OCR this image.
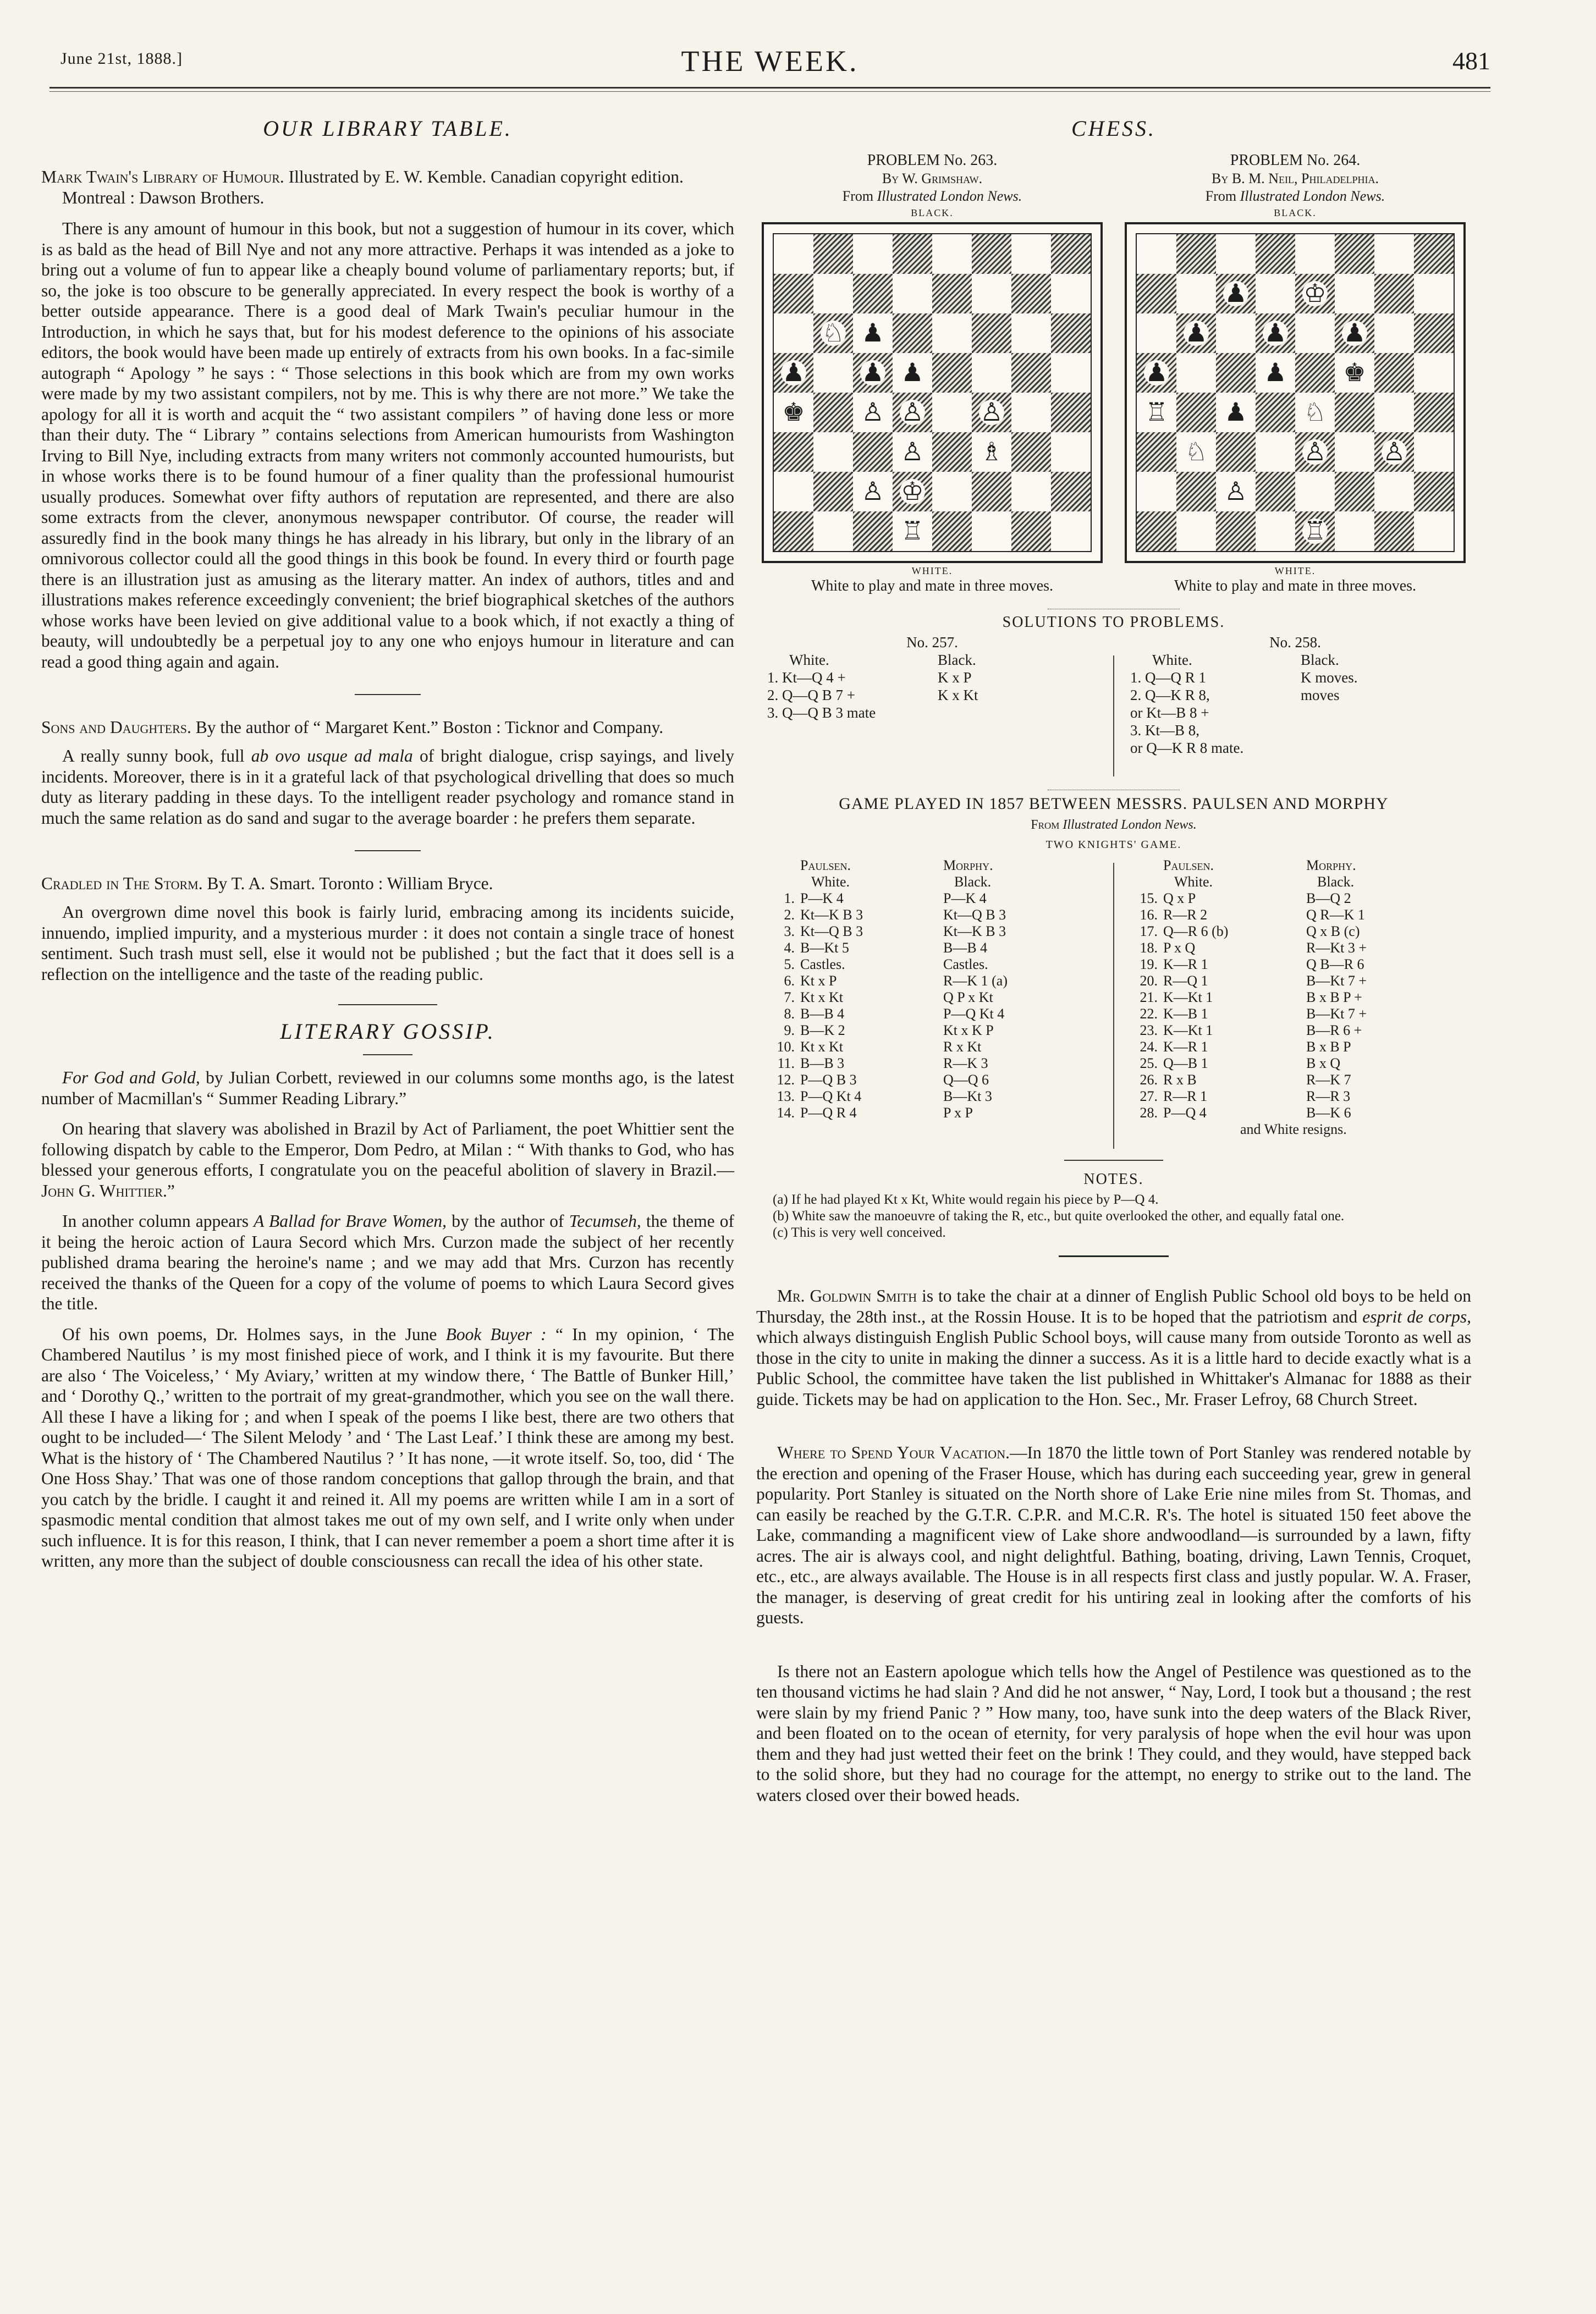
June 21st, 1888.]	THE WEEK.	481
OUR LIBRARY TABLE.

Mark Twain's Library of Humour. Illustrated by E. W. Kemble. Canadian copyright edition. Montreal : Dawson Brothers.

There is any amount of humour in this book, but not a suggestion of humour in its cover, which is as bald as the head of Bill Nye and not any more attractive. Perhaps it was intended as a joke to bring out a volume of fun to appear like a cheaply bound volume of parliamentary reports; but, if so, the joke is too obscure to be generally appreciated. In every respect the book is worthy of a better outside appearance. There is a good deal of Mark Twain's peculiar humour in the Introduction, in which he says that, but for his modest deference to the opinions of his associate editors, the book would have been made up entirely of extracts from his own books. In a fac-simile autograph “ Apology ” he says : “ Those selections in this book which are from my own works were made by my two assistant compilers, not by me. This is why there are not more.” We take the apology for all it is worth and acquit the “ two assistant compilers ” of having done less or more than their duty. The “ Library ” contains selections from American humourists from Washington Irving to Bill Nye, including extracts from many writers not commonly accounted humourists, but in whose works there is to be found humour of a finer quality than the professional humourist usually produces. Somewhat over fifty authors of reputation are represented, and there are also some extracts from the clever, anonymous newspaper contributor. Of course, the reader will assuredly find in the book many things he has already in his library, but only in the library of an omnivorous collector could all the good things in this book be found. In every third or fourth page there is an illustration just as amusing as the literary matter. An index of authors, titles and and illustrations makes reference exceedingly convenient; the brief biographical sketches of the authors whose works have been levied on give additional value to a book which, if not exactly a thing of beauty, will undoubtedly be a perpetual joy to any one who enjoys humour in literature and can read a good thing again and again.

Sons and Daughters. By the author of “ Margaret Kent.” Boston : Ticknor and Company.

A really sunny book, full ab ovo usque ad mala of bright dialogue, crisp sayings, and lively incidents. Moreover, there is in it a grateful lack of that psychological drivelling that does so much duty as literary padding in these days. To the intelligent reader psychology and romance stand in much the same relation as do sand and sugar to the average boarder : he prefers them separate.

Cradled in The Storm. By T. A. Smart. Toronto : William Bryce.

An overgrown dime novel this book is fairly lurid, embracing among its incidents suicide, innuendo, implied impurity, and a mysterious murder : it does not contain a single trace of honest sentiment. Such trash must sell, else it would not be published ; but the fact that it does sell is a reflection on the intelligence and the taste of the reading public.

LITERARY GOSSIP.

For God and Gold, by Julian Corbett, reviewed in our columns some months ago, is the latest number of Macmillan's “ Summer Reading Library.”

On hearing that slavery was abolished in Brazil by Act of Parliament, the poet Whittier sent the following dispatch by cable to the Emperor, Dom Pedro, at Milan : “ With thanks to God, who has blessed your generous efforts, I congratulate you on the peaceful abolition of slavery in Brazil.—John G. Whittier.”

In another column appears A Ballad for Brave Women, by the author of Tecumseh, the theme of it being the heroic action of Laura Secord which Mrs. Curzon made the subject of her recently published drama bearing the heroine's name ; and we may add that Mrs. Curzon has recently received the thanks of the Queen for a copy of the volume of poems to which Laura Secord gives the title.

Of his own poems, Dr. Holmes says, in the June Book Buyer : “ In my opinion, ‘ The Chambered Nautilus ’ is my most finished piece of work, and I think it is my favourite. But there are also ‘ The Voiceless,’ ‘ My Aviary,’ written at my window there, ‘ The Battle of Bunker Hill,’ and ‘ Dorothy Q.,’ written to the portrait of my great-grandmother, which you see on the wall there. All these I have a liking for ; and when I speak of the poems I like best, there are two others that ought to be included—‘ The Silent Melody ’ and ‘ The Last Leaf.’ I think these are among my best. What is the history of ‘ The Chambered Nautilus ? ’ It has none, —it wrote itself. So, too, did ‘ The One Hoss Shay.’ That was one of those random conceptions that gallop through the brain, and that you catch by the bridle. I caught it and reined it. All my poems are written while I am in a sort of spasmodic mental condition that almost takes me out of my own self, and I write only when under such influence. It is for this reason, I think, that I can never remember a poem a short time after it is written, any more than the subject of double consciousness can recall the idea of his other state.

CHESS.
PROBLEM No. 263.
By W. Grimshaw.
From Illustrated London News.
BLACK.
♘ ♟
♟ ♟ ♟
♚ ♙ ♙ ♙
♙ ♗
♙ ♔
♖
WHITE.
White to play and mate in three moves.
PROBLEM No. 264.
By B. M. Neil, Philadelphia.
From Illustrated London News.
BLACK.
♟ ♔
♟ ♟ ♟
♟	♟ ♚
♖ ♟ ♘
♘	♙ ♙
♙
♖
WHITE.
White to play and mate in three moves.
SOLUTIONS TO PROBLEMS.
No. 257.
White.	Black.
1. Kt—Q 4 +	K x P
2. Q—Q B 7 +	K x Kt
3. Q—Q B 3 mate
No. 258.
White.	Black.
1. Q—Q R 1	K moves.
2. Q—K R 8,	moves
or Kt—B 8 +
3. Kt—B 8,
or Q—K R 8 mate.
GAME PLAYED IN 1857 BETWEEN MESSRS. PAULSEN AND MORPHY
From Illustrated London News.
TWO KNIGHTS' GAME.
Paulsen.	Morphy.
White.	Black.
1. P—K 4	P—K 4
2. Kt—K B 3	Kt—Q B 3
3. Kt—Q B 3	Kt—K B 3
4. B—Kt 5	B—B 4
5. Castles.	Castles.
6. Kt x P	R—K 1 (a)
7. Kt x Kt	Q P x Kt
8. B—B 4	P—Q Kt 4
9. B—K 2	Kt x K P
10. Kt x Kt	R x Kt
11. B—B 3	R—K 3
12. P—Q B 3	Q—Q 6
13. P—Q Kt 4	B—Kt 3
14. P—Q R 4	P x P
Paulsen.	Morphy.
White.	Black.
15. Q x P	B—Q 2
16. R—R 2	Q R—K 1
17. Q—R 6 (b)	Q x B (c)
18. P x Q	R—Kt 3 +
19. K—R 1	Q B—R 6
20. R—Q 1	B—Kt 7 +
21. K—Kt 1	B x B P +
22. K—B 1	B—Kt 7 +
23. K—Kt 1	B—R 6 +
24. K—R 1	B x B P
25. Q—B 1	B x Q
26. R x B	R—K 7
27. R—R 1	R—R 3
28. P—Q 4	B—K 6
and White resigns.
NOTES.
(a) If he had played Kt x Kt, White would regain his piece by P—Q 4.
(b) White saw the manoeuvre of taking the R, etc., but quite overlooked the other, and equally fatal one.
(c) This is very well conceived.

Mr. Goldwin Smith is to take the chair at a dinner of English Public School old boys to be held on Thursday, the 28th inst., at the Rossin House. It is to be hoped that the patriotism and esprit de corps, which always distinguish English Public School boys, will cause many from outside Toronto as well as those in the city to unite in making the dinner a success. As it is a little hard to decide exactly what is a Public School, the committee have taken the list published in Whittaker's Almanac for 1888 as their guide. Tickets may be had on application to the Hon. Sec., Mr. Fraser Lefroy, 68 Church Street.

Where to Spend Your Vacation.—In 1870 the little town of Port Stanley was rendered notable by the erection and opening of the Fraser House, which has during each succeeding year, grew in general popularity. Port Stanley is situated on the North shore of Lake Erie nine miles from St. Thomas, and can easily be reached by the G.T.R. C.P.R. and M.C.R. R's. The hotel is situated 150 feet above the Lake, commanding a magnificent view of Lake shore andwoodland—is surrounded by a lawn, fifty acres. The air is always cool, and night delightful. Bathing, boating, driving, Lawn Tennis, Croquet, etc., etc., are always available. The House is in all respects first class and justly popular. W. A. Fraser, the manager, is deserving of great credit for his untiring zeal in looking after the comforts of his guests.

Is there not an Eastern apologue which tells how the Angel of Pestilence was questioned as to the ten thousand victims he had slain ? And did he not answer, “ Nay, Lord, I took but a thousand ; the rest were slain by my friend Panic ? ” How many, too, have sunk into the deep waters of the Black River, and been floated on to the ocean of eternity, for very paralysis of hope when the evil hour was upon them and they had just wetted their feet on the brink ! They could, and they would, have stepped back to the solid shore, but they had no courage for the attempt, no energy to strike out to the land. The waters closed over their bowed heads.
